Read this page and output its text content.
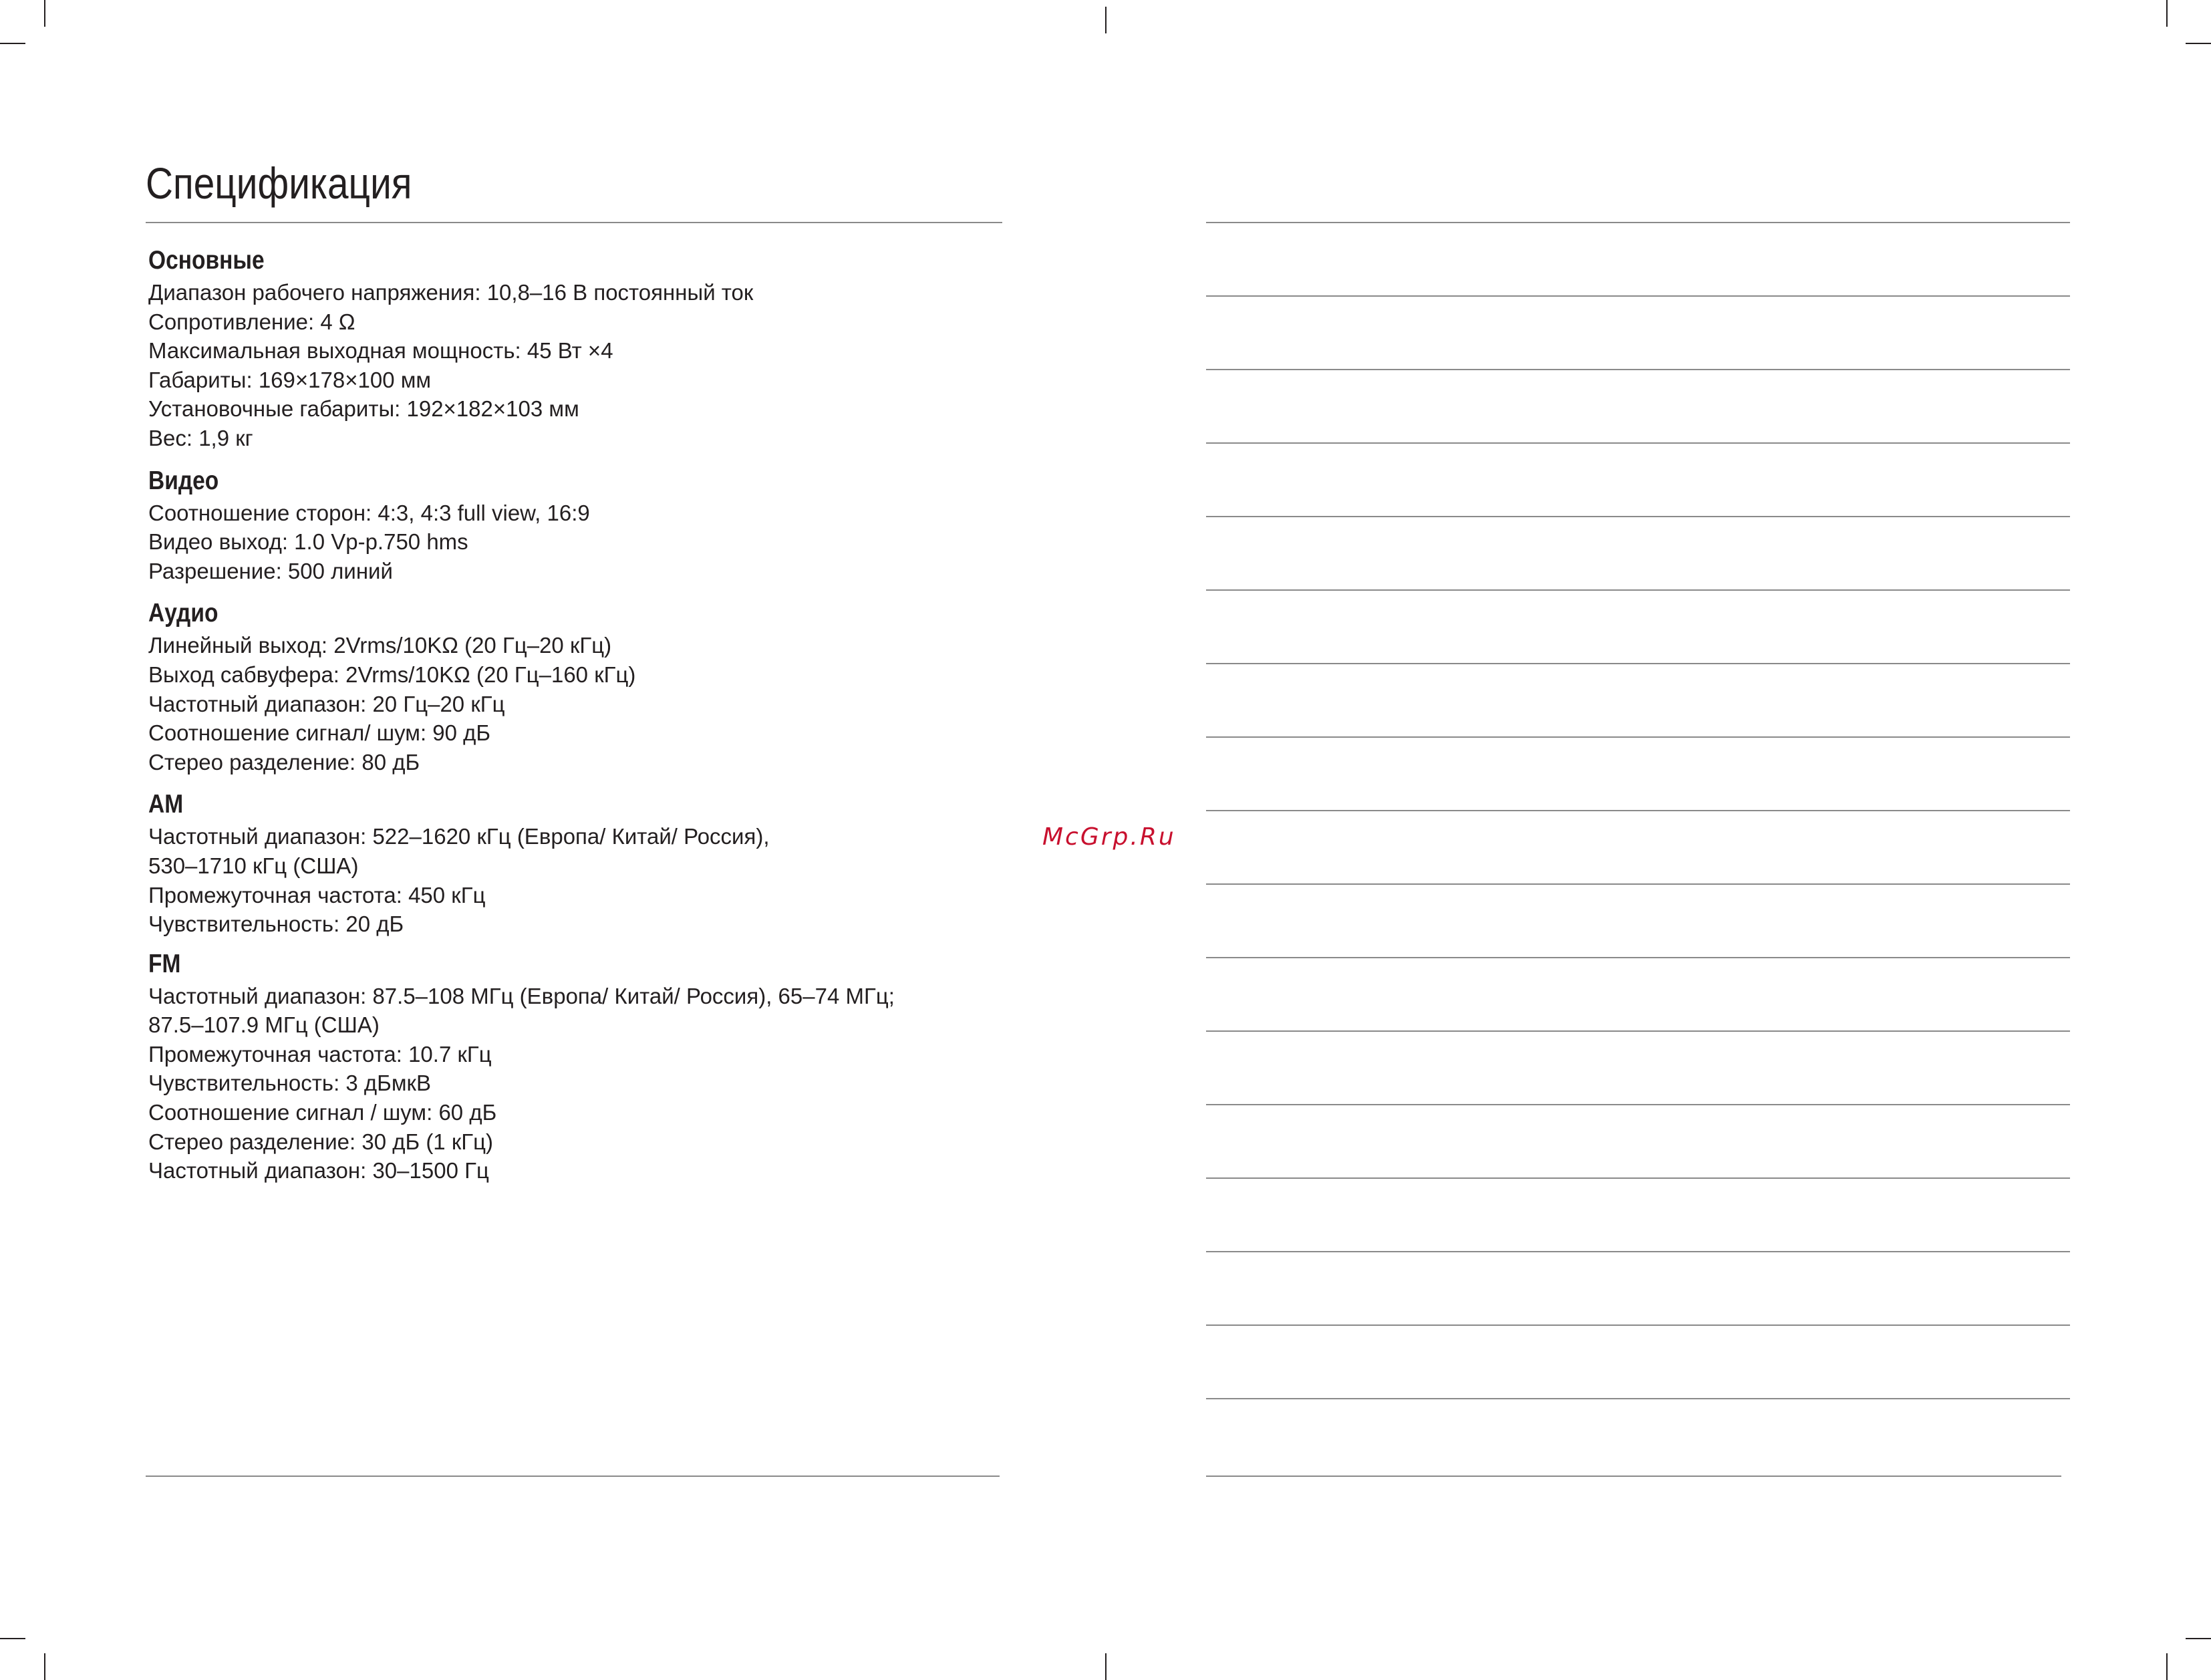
Спецификация
Основные
Диапазон рабочего напряжения: 10,8–16 В постоянный ток
Сопротивление: 4 Ω
Максимальная выходная мощность: 45 Вт ×4
Габариты: 169×178×100 мм
Установочные габариты: 192×182×103 мм
Вес: 1,9 кг
Видео
Соотношение сторон: 4:3, 4:3 full view, 16:9
Видео выход: 1.0 Vp-p.750 hms
Разрешение: 500 линий
Аудио
Линейный выход: 2Vrms/10KΩ (20 Гц–20 кГц)
Выход сабвуфера: 2Vrms/10KΩ (20 Гц–160 кГц)
Частотный диапазон: 20 Гц–20 кГц
Соотношение сигнал/ шум: 90 дБ
Стерео разделение: 80 дБ
AM
Частотный диапазон: 522–1620 кГц (Европа/ Китай/ Россия),
530–1710 кГц (США)
Промежуточная частота: 450 кГц
Чувствительность: 20 дБ
FM
Частотный диапазон: 87.5–108 МГц (Европа/ Китай/ Россия), 65–74 МГц;
87.5–107.9 МГц (США)
Промежуточная частота: 10.7 кГц
Чувствительность: 3 дБмкВ
Соотношение сигнал / шум: 60 дБ
Стерео разделение: 30 дБ (1 кГц)
Частотный диапазон: 30–1500 Гц
McGrp.Ru
